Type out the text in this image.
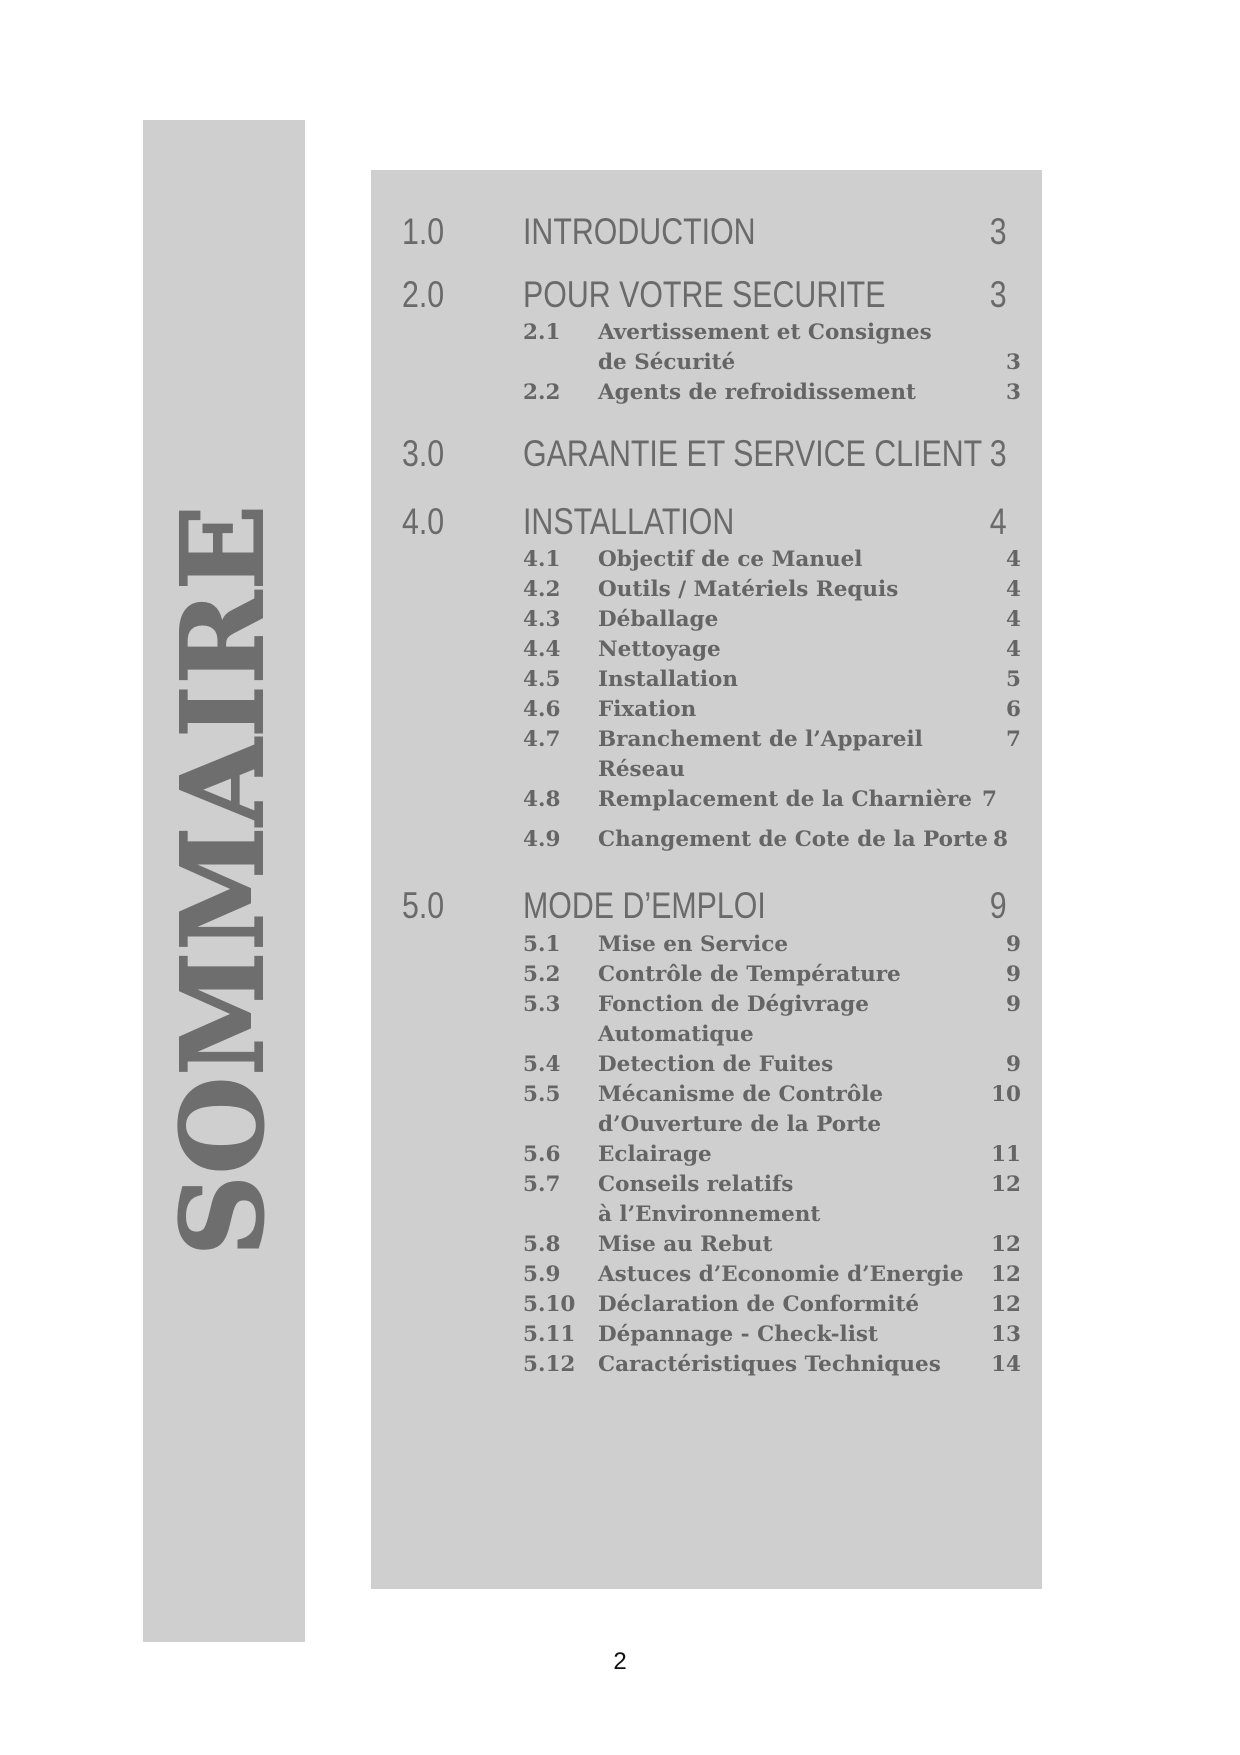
SOMMAIRE
1.0 INTRODUCTION	3
2.0 POUR VOTRE SECURITE	3
2.1 Avertissement et Consignes
de Sécurité	3
2.2 Agents de refroidissement	3
3.0 GARANTIE ET SERVICE CLIENT 3
4.0 INSTALLATION	4
4.1 Objectif de ce Manuel	4
4.2 Outils / Matériels Requis	4
4.3 Déballage	4
4.4 Nettoyage	4
4.5 Installation	5
4.6 Fixation	6
4.7 Branchement de l’Appareil	7
Réseau
4.8 Remplacement de la Charnière 7
4.9 Changement de Cote de la Porte 8
5.0 MODE D’EMPLOI	9
5.1 Mise en Service	9
5.2 Contrôle de Température	9
5.3 Fonction de Dégivrage	9
Automatique
5.4 Detection de Fuites	9
5.5 Mécanisme de Contrôle	10
d’Ouverture de la Porte
5.6 Eclairage	11
5.7 Conseils relatifs	12
à l’Environnement
5.8 Mise au Rebut	12
5.9 Astuces d’Economie d’Energie 12
5.10 Déclaration de Conformité	12
5.11 Dépannage - Check-list	13
5.12 Caractéristiques Techniques 14
2
